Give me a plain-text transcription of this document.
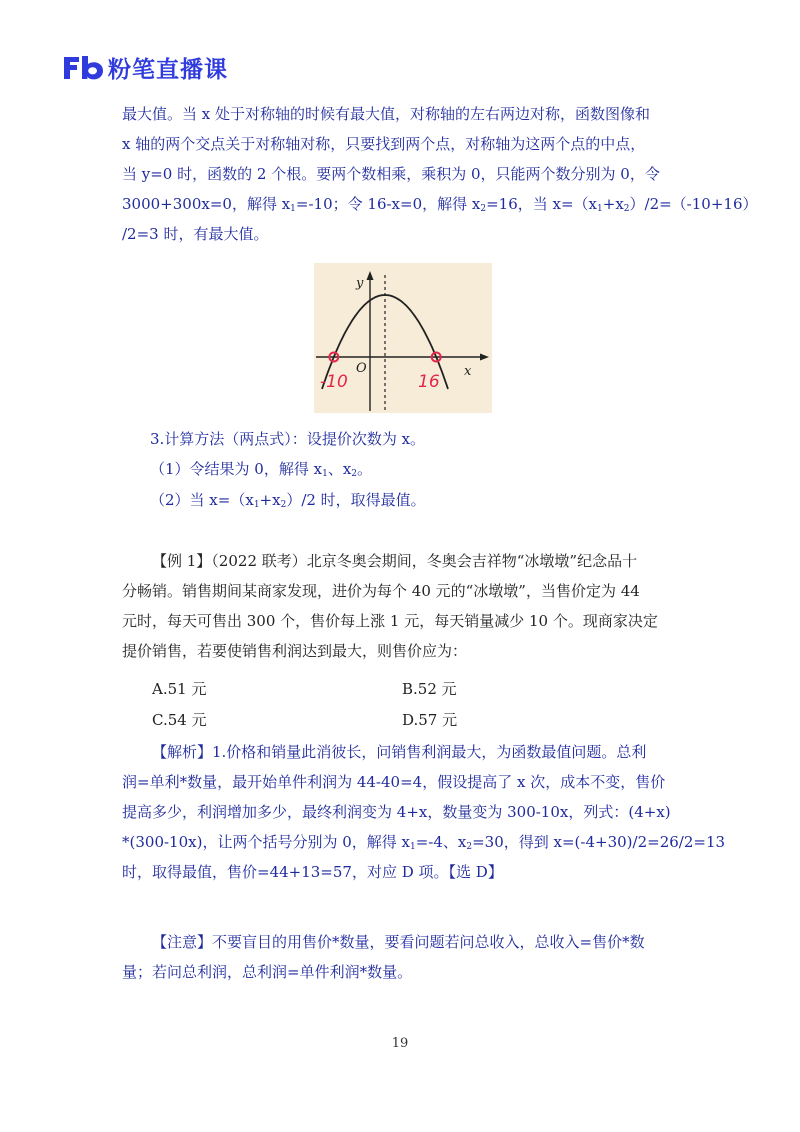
粉笔直播课
最大值。当 x 处于对称轴的时候有最大值，对称轴的左右两边对称，函数图像和
x 轴的两个交点关于对称轴对称，只要找到两个点，对称轴为这两个点的中点，
当 y=0 时，函数的 2 个根。要两个数相乘，乘积为 0，只能两个数分别为 0，令
3000+300x=0，解得 $x_1=-10$；令 16-x=0，解得 $x_2=16$，当 $x=(x_1+x_2)/2=(-10+16)$
/2=3 时，有最大值。
x
y
O
-10	16
3.计算方法（两点式）：设提价次数为 x。
（1）令结果为 0，解得 $x_1$、$x_2$。
（2）当 $x=(x_1+x_2)/2$ 时，取得最值。
【例 1】（2022 联考）北京冬奥会期间，冬奥会吉祥物“冰墩墩”纪念品十
分畅销。销售期间某商家发现，进价为每个 40 元的“冰墩墩”，当售价定为 44
元时，每天可售出 300 个，售价每上涨 1 元，每天销量减少 10 个。现商家决定
提价销售，若要使销售利润达到最大，则售价应为：
A.51 元	B.52 元
C.54 元	D.57 元
【解析】1.价格和销量此消彼长，问销售利润最大，为函数最值问题。总利
润=单利*数量，最开始单件利润为 44-40=4，假设提高了 x 次，成本不变，售价
提高多少，利润增加多少，最终利润变为 4+x，数量变为 300-10x，列式：(4+x)
*(300-10x)，让两个括号分别为 0，解得 $x_1=-4$、$x_2=30$，得到 x=(-4+30)/2=26/2=13
时，取得最值，售价=44+13=57，对应 D 项。【选 D】
【注意】不要盲目的用售价*数量，要看问题若问总收入，总收入=售价*数
量；若问总利润，总利润=单件利润*数量。
19
